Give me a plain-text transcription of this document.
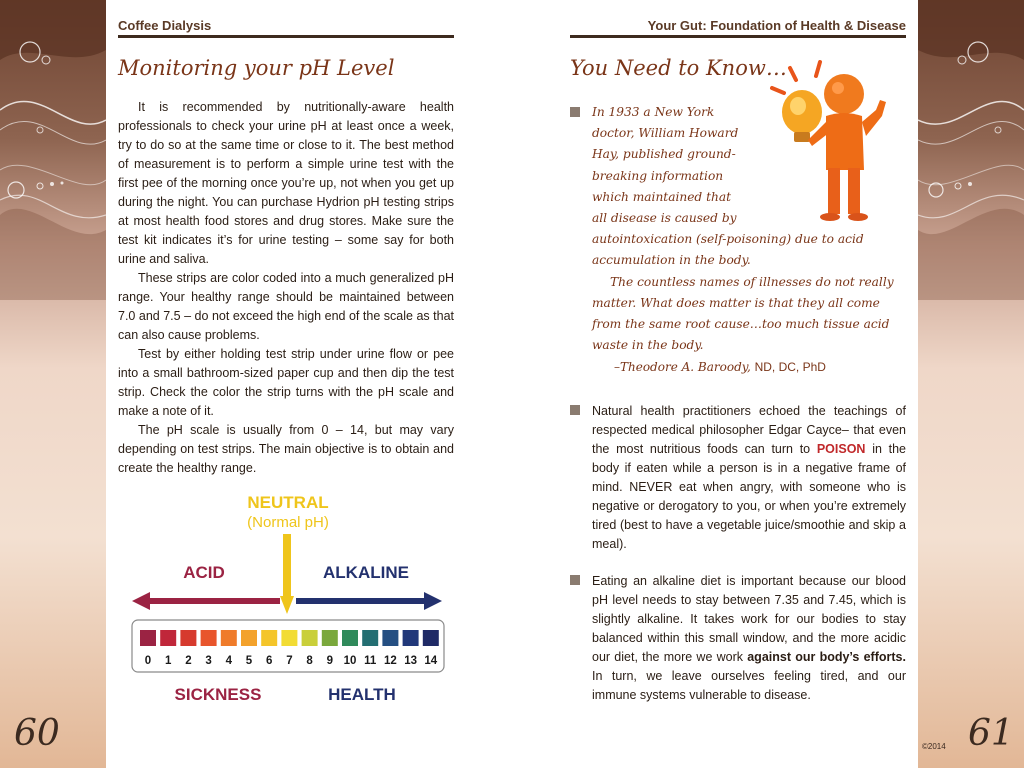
60	61
©2014
Coffee Dialysis
Monitoring your pH Level

It is recommended by nutritionally-aware health professionals to check your urine pH at least once a week, try to do so at the same time or close to it. The best method of measurement is to perform a simple urine test with the first pee of the morning once you’re up, not when you get up during the night. You can purchase Hydrion pH testing strips at most health food stores and drug stores. Make sure the test kit indicates it’s for urine testing – some say for both urine and saliva.

These strips are color coded into a much generalized pH range. Your healthy range should be maintained between 7.0 and 7.5 – do not exceed the high end of the scale as that can also cause problems.

Test by either holding test strip under urine flow or pee into a small bathroom-sized paper cup and then dip the test strip. Check the color the strip turns with the pH scale and make a note of it.

The pH scale is usually from 0 – 14, but may vary depending on test strips. The main objective is to obtain and create the healthy range.

NEUTRAL
(Normal pH)
ACID	ALKALINE
0 1 2 3 4 5 6 7 8 9 10 11 12 13 14
SICKNESS	HEALTH
Your Gut: Foundation of Health & Disease
You Need to Know…
In 1933 a New York
doctor, William Howard
Hay, published ground-
breaking information
which maintained that
all disease is caused by
autointoxication (self-poisoning) due to acid
accumulation in the body.
The countless names of illnesses do not really
matter. What does matter is that they all come
from the same root cause…too much tissue acid
waste in the body.
–Theodore A. Baroody, ND, DC, PhD
Natural health practitioners echoed the teachings of respected medical philosopher Edgar Cayce– that even the most nutritious foods can turn to POISON in the body if eaten while a person is in a negative frame of mind. NEVER eat when angry, with someone who is negative or derogatory to you, or when you’re extremely tired (best to have a vegetable juice/smoothie and skip a meal).
Eating an alkaline diet is important because our blood pH level needs to stay between 7.35 and 7.45, which is slightly alkaline. It takes work for our bodies to stay balanced within this small window, and the more acidic our diet, the more we work against our body’s efforts. In turn, we leave ourselves feeling tired, and our immune systems vulnerable to disease.
